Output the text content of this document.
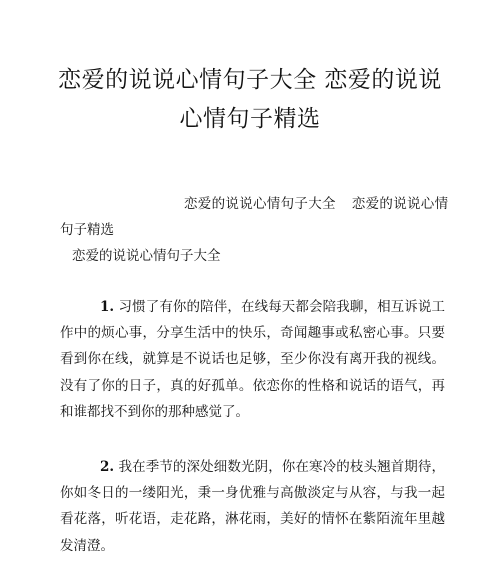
恋爱的说说心情句子大全 恋爱的说说
心情句子精选
恋爱的说说心情句子大全 恋爱的说说心情
句子精选
恋爱的说说心情句子大全
1. 习惯了有你的陪伴，在线每天都会陪我聊，相互诉说工作中的烦心事，分享生活中的快乐，奇闻趣事或私密心事。只要看到你在线，就算是不说话也足够，至少你没有离开我的视线。没有了你的日子，真的好孤单。依恋你的性格和说话的语气，再和谁都找不到你的那种感觉了。
2. 我在季节的深处细数光阴，你在寒冷的枝头翘首期待，你如冬日的一缕阳光，秉一身优雅与高傲淡定与从容，与我一起看花落，听花语，走花路，淋花雨，美好的情怀在紫陌流年里越发清澄。
